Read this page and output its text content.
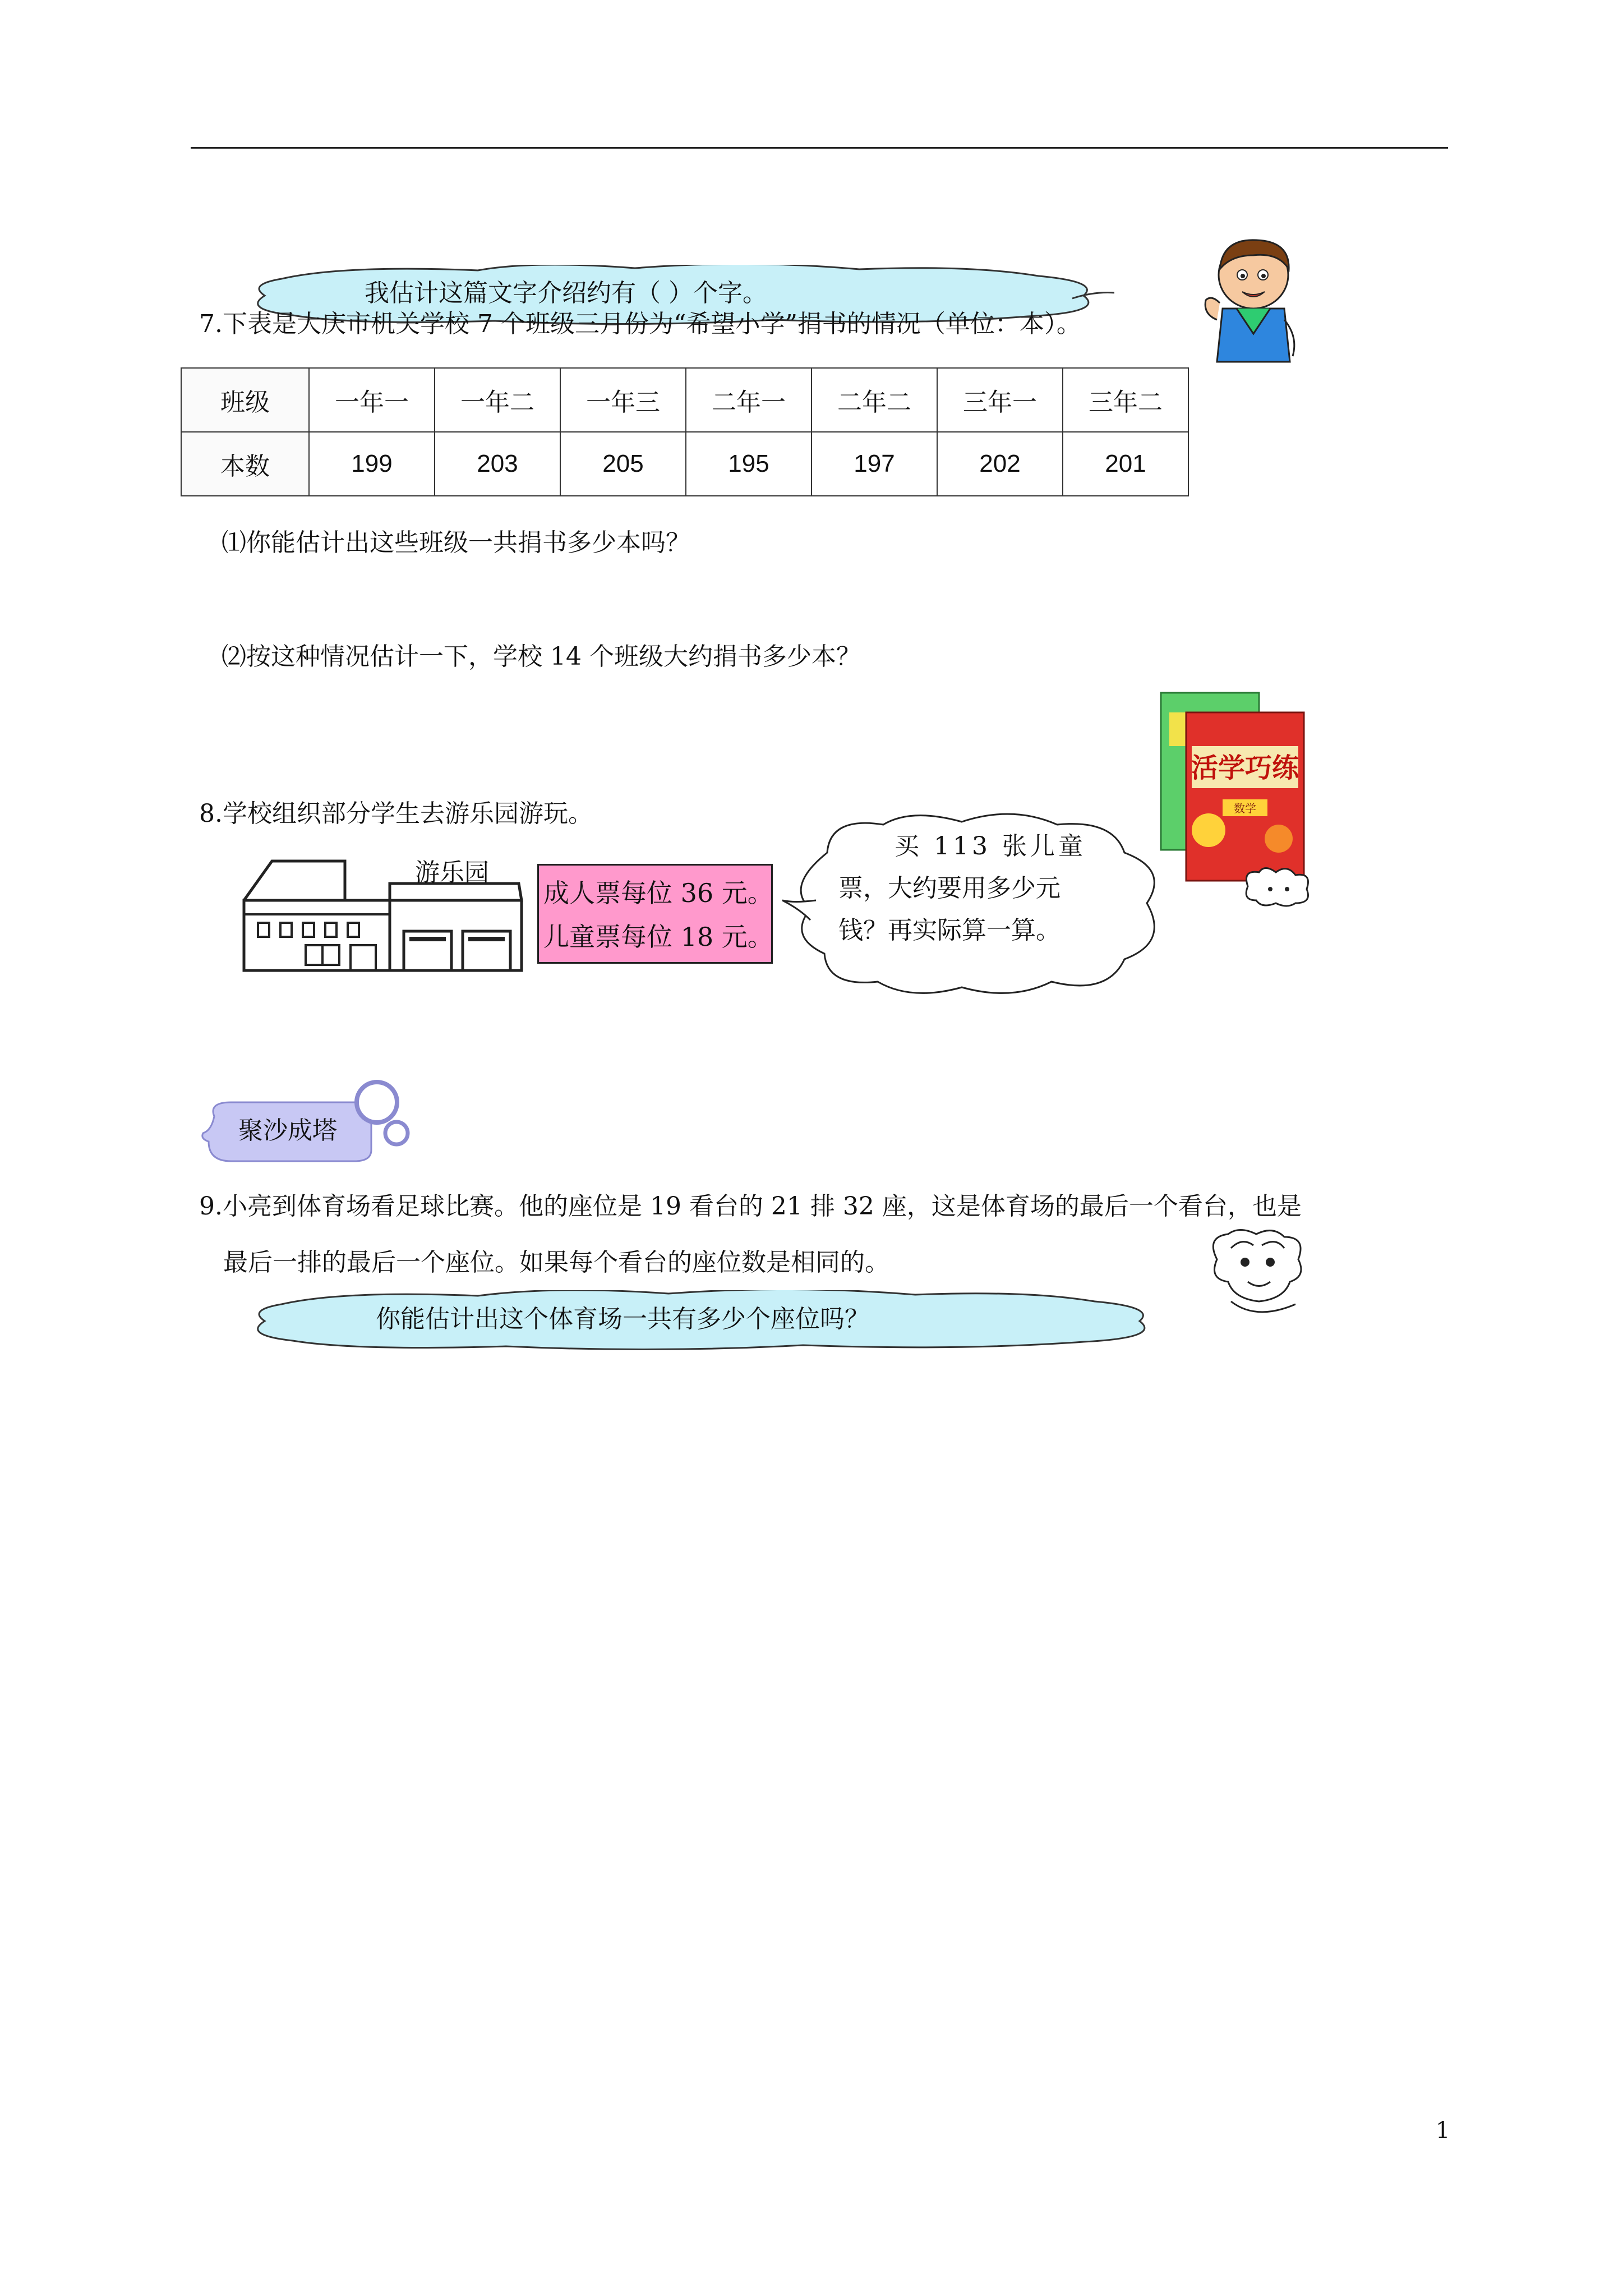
我估计这篇文字介绍约有（ ）个字。
7.下表是大庆市机关学校 7 个班级三月份为“希望小学”捐书的情况（单位：本）。
班级	一年一	一年二	一年三	二年一	二年二	三年一	三年二
本数	199	203	205	195	197	202	201
⑴你能估计出这些班级一共捐书多少本吗？
⑵按这种情况估计一下，学校 14 个班级大约捐书多少本？
活学巧练
数学
8.学校组织部分学生去游乐园游玩。
游乐园
成人票每位 36 元。
儿童票每位 18 元。
买 113 张儿童
票，大约要用多少元
钱？再实际算一算。
聚沙成塔
9.小亮到体育场看足球比赛。他的座位是 19 看台的 21 排 32 座，这是体育场的最后一个看台，也是
最后一排的最后一个座位。如果每个看台的座位数是相同的。
你能估计出这个体育场一共有多少个座位吗？
1
